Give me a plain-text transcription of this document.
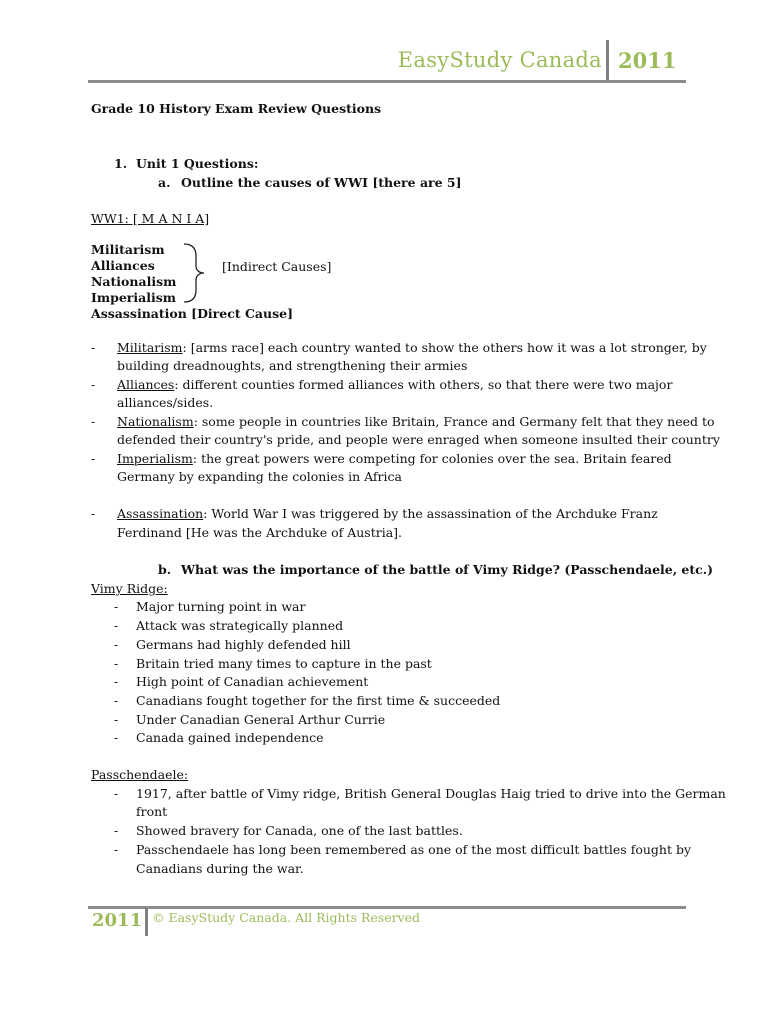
EasyStudy Canada 2011
Grade 10 History Exam Review Questions
1. Unit 1 Questions:
a. Outline the causes of WWI [there are 5]
WW1: [ M A N I A]
Militarism
Alliances
Nationalism
Imperialism
[Indirect Causes]
Assassination [Direct Cause]
- Militarism: [arms race] each country wanted to show the others how it was a lot stronger, by
building dreadnoughts, and strengthening their armies
- Alliances: different counties formed alliances with others, so that there were two major
alliances/sides.
- Nationalism: some people in countries like Britain, France and Germany felt that they need to
defended their country's pride, and people were enraged when someone insulted their country
- Imperialism: the great powers were competing for colonies over the sea. Britain feared
Germany by expanding the colonies in Africa
- Assassination: World War I was triggered by the assassination of the Archduke Franz
Ferdinand [He was the Archduke of Austria].
b. What was the importance of the battle of Vimy Ridge? (Passchendaele, etc.)
Vimy Ridge:
- Major turning point in war
- Attack was strategically planned
- Germans had highly defended hill
- Britain tried many times to capture in the past
- High point of Canadian achievement
- Canadians fought together for the first time & succeeded
- Under Canadian General Arthur Currie
- Canada gained independence
Passchendaele:
- 1917, after battle of Vimy ridge, British General Douglas Haig tried to drive into the German
front
- Showed bravery for Canada, one of the last battles.
- Passchendaele has long been remembered as one of the most difficult battles fought by
Canadians during the war.
2011 © EasyStudy Canada. All Rights Reserved
